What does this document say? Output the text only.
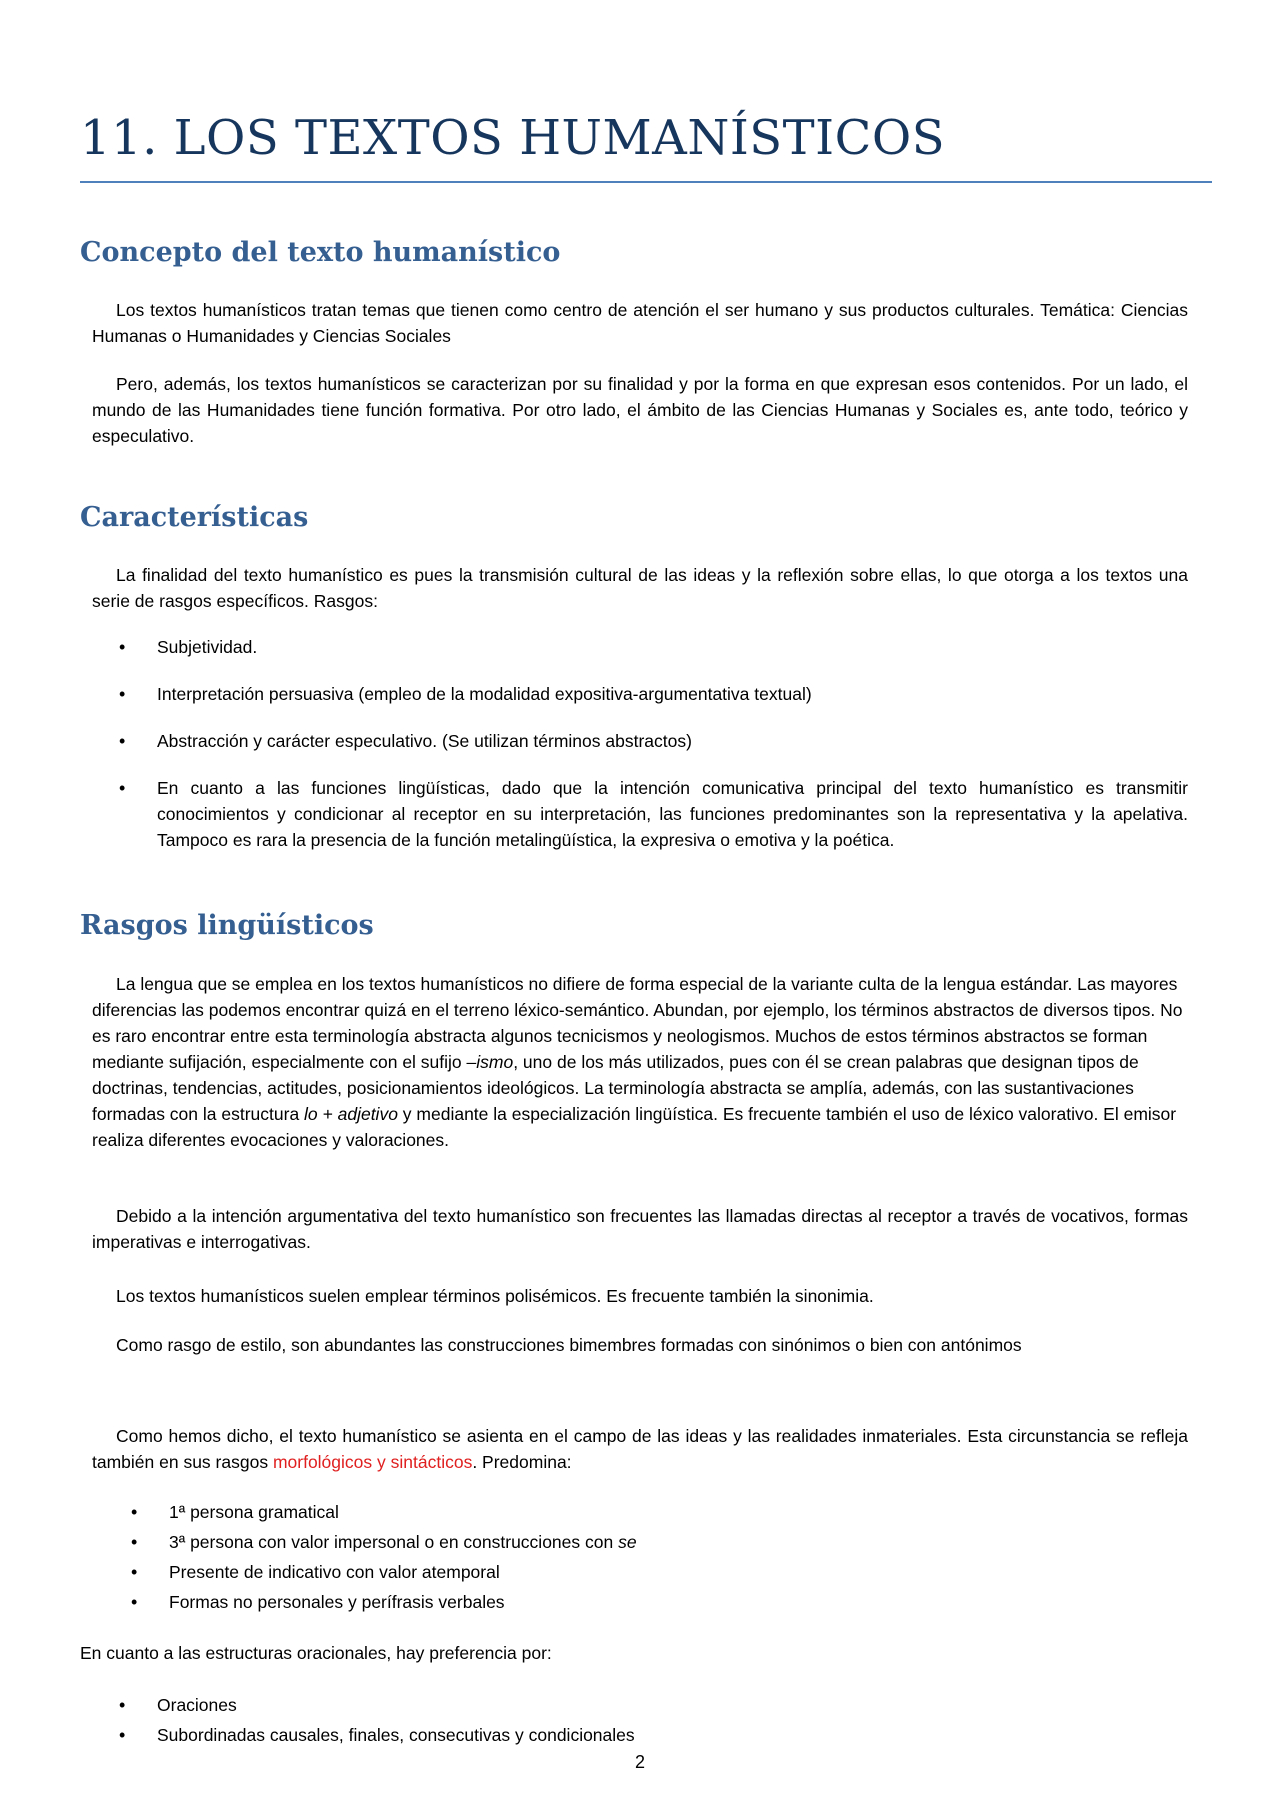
11. LOS TEXTOS HUMANÍSTICOS
Concepto del texto humanístico

Los textos humanísticos tratan temas que tienen como centro de atención el ser humano y sus productos culturales. Temática: Ciencias Humanas o Humanidades y Ciencias Sociales

Pero, además, los textos humanísticos se caracterizan por su finalidad y por la forma en que expresan esos contenidos. Por un lado, el mundo de las Humanidades tiene función formativa. Por otro lado, el ámbito de las Ciencias Humanas y Sociales es, ante todo, teórico y especulativo.

Características

La finalidad del texto humanístico es pues la transmisión cultural de las ideas y la reflexión sobre ellas, lo que otorga a los textos una serie de rasgos específicos. Rasgos:

• Subjetividad.
• Interpretación persuasiva (empleo de la modalidad expositiva-argumentativa textual)
• Abstracción y carácter especulativo. (Se utilizan términos abstractos)
• En cuanto a las funciones lingüísticas, dado que la intención comunicativa principal del texto humanístico es transmitir conocimientos y condicionar al receptor en su interpretación, las funciones predominantes son la representativa y la apelativa. Tampoco es rara la presencia de la función metalingüística, la expresiva o emotiva y la poética.
Rasgos lingüísticos

La lengua que se emplea en los textos humanísticos no difiere de forma especial de la variante culta de la lengua estándar. Las mayores diferencias las podemos encontrar quizá en el terreno léxico-semántico. Abundan, por ejemplo, los términos abstractos de diversos tipos. No es raro encontrar entre esta terminología abstracta algunos tecnicismos y neologismos. Muchos de estos términos abstractos se forman mediante sufijación, especialmente con el sufijo –ismo, uno de los más utilizados, pues con él se crean palabras que designan tipos de doctrinas, tendencias, actitudes, posicionamientos ideológicos. La terminología abstracta se amplía, además, con las sustantivaciones formadas con la estructura lo + adjetivo y mediante la especialización lingüística. Es frecuente también el uso de léxico valorativo. El emisor realiza diferentes evocaciones y valoraciones.

Debido a la intención argumentativa del texto humanístico son frecuentes las llamadas directas al receptor a través de vocativos, formas imperativas e interrogativas.

Los textos humanísticos suelen emplear términos polisémicos. Es frecuente también la sinonimia.

Como rasgo de estilo, son abundantes las construcciones bimembres formadas con sinónimos o bien con antónimos

Como hemos dicho, el texto humanístico se asienta en el campo de las ideas y las realidades inmateriales. Esta circunstancia se refleja también en sus rasgos morfológicos y sintácticos. Predomina:

• 1ª persona gramatical
• 3ª persona con valor impersonal o en construcciones con se
• Presente de indicativo con valor atemporal
• Formas no personales y perífrasis verbales

En cuanto a las estructuras oracionales, hay preferencia por:

• Oraciones
• Subordinadas causales, finales, consecutivas y condicionales
2
